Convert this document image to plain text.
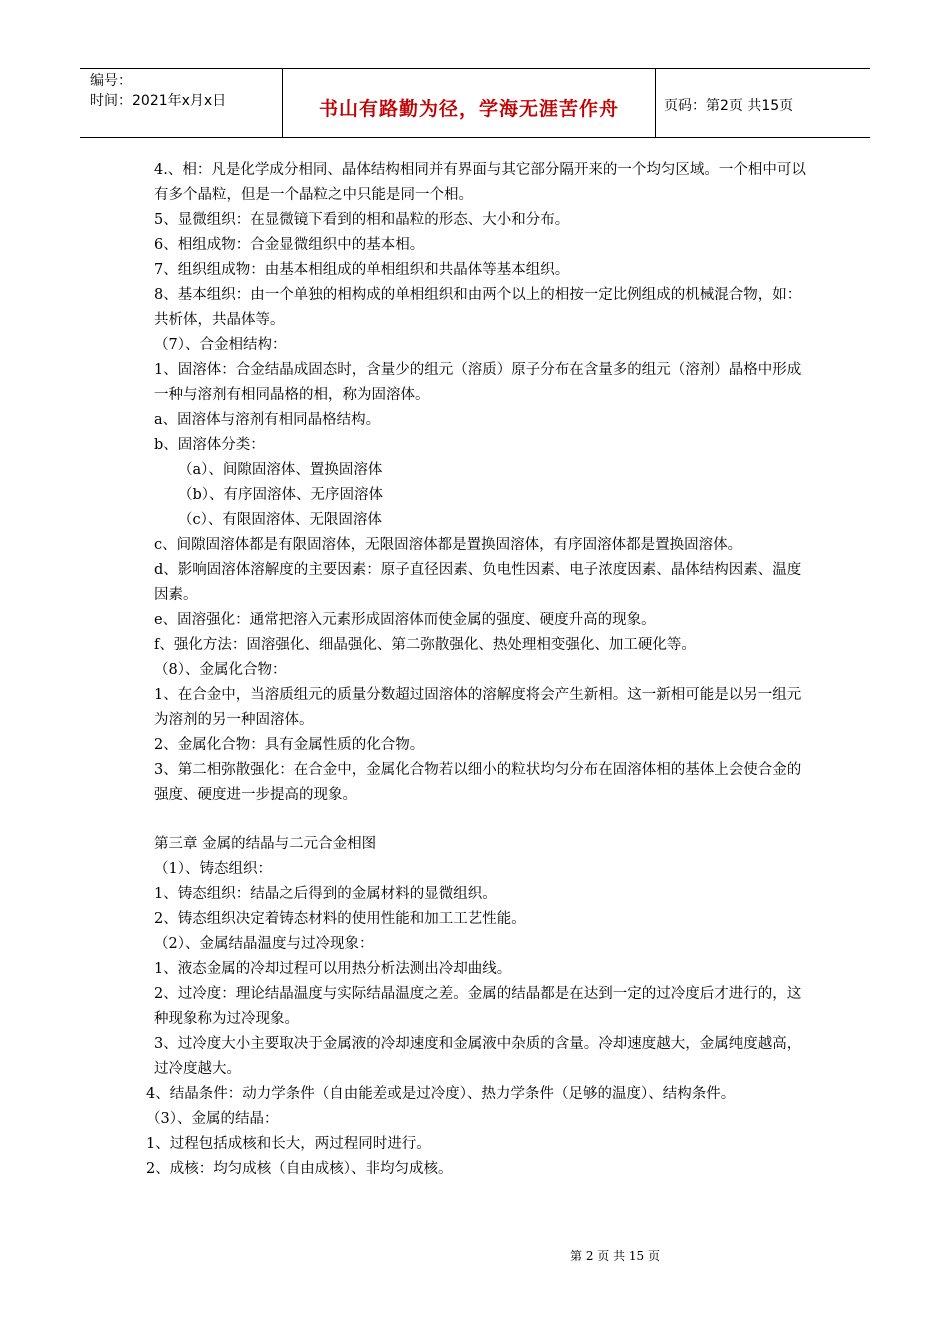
编号：
时间：2021年x月x日	书山有路勤为径，学海无涯苦作舟	页码：第2页 共15页

4.、相：凡是化学成分相同、晶体结构相同并有界面与其它部分隔开来的一个均匀区域。一个相中可以有多个晶粒，但是一个晶粒之中只能是同一个相。

5、显微组织：在显微镜下看到的相和晶粒的形态、大小和分布。

6、相组成物：合金显微组织中的基本相。

7、组织组成物：由基本相组成的单相组织和共晶体等基本组织。

8、基本组织：由一个单独的相构成的单相组织和由两个以上的相按一定比例组成的机械混合物，如：共析体，共晶体等。

（7）、合金相结构：

1、固溶体：合金结晶成固态时，含量少的组元（溶质）原子分布在含量多的组元（溶剂）晶格中形成一种与溶剂有相同晶格的相，称为固溶体。

a、固溶体与溶剂有相同晶格结构。

b、固溶体分类：

（a）、间隙固溶体、置换固溶体

（b）、有序固溶体、无序固溶体

（c）、有限固溶体、无限固溶体

c、间隙固溶体都是有限固溶体，无限固溶体都是置换固溶体，有序固溶体都是置换固溶体。

d、影响固溶体溶解度的主要因素：原子直径因素、负电性因素、电子浓度因素、晶体结构因素、温度因素。

e、固溶强化：通常把溶入元素形成固溶体而使金属的强度、硬度升高的现象。

f、强化方法：固溶强化、细晶强化、第二弥散强化、热处理相变强化、加工硬化等。

（8）、金属化合物：

1、在合金中，当溶质组元的质量分数超过固溶体的溶解度将会产生新相。这一新相可能是以另一组元为溶剂的另一种固溶体。

2、金属化合物：具有金属性质的化合物。

3、第二相弥散强化：在合金中，金属化合物若以细小的粒状均匀分布在固溶体相的基体上会使合金的强度、硬度进一步提高的现象。

第三章 金属的结晶与二元合金相图

（1）、铸态组织：

1、铸态组织：结晶之后得到的金属材料的显微组织。

2、铸态组织决定着铸态材料的使用性能和加工工艺性能。

（2）、金属结晶温度与过冷现象：

1、液态金属的冷却过程可以用热分析法测出冷却曲线。

2、过冷度：理论结晶温度与实际结晶温度之差。金属的结晶都是在达到一定的过冷度后才进行的，这种现象称为过冷现象。

3、过冷度大小主要取决于金属液的冷却速度和金属液中杂质的含量。冷却速度越大，金属纯度越高，过冷度越大。

4、结晶条件：动力学条件（自由能差或是过冷度）、热力学条件（足够的温度）、结构条件。

（3）、金属的结晶：

1、过程包括成核和长大，两过程同时进行。

2、成核：均匀成核（自由成核）、非均匀成核。

第 2 页 共 15 页
